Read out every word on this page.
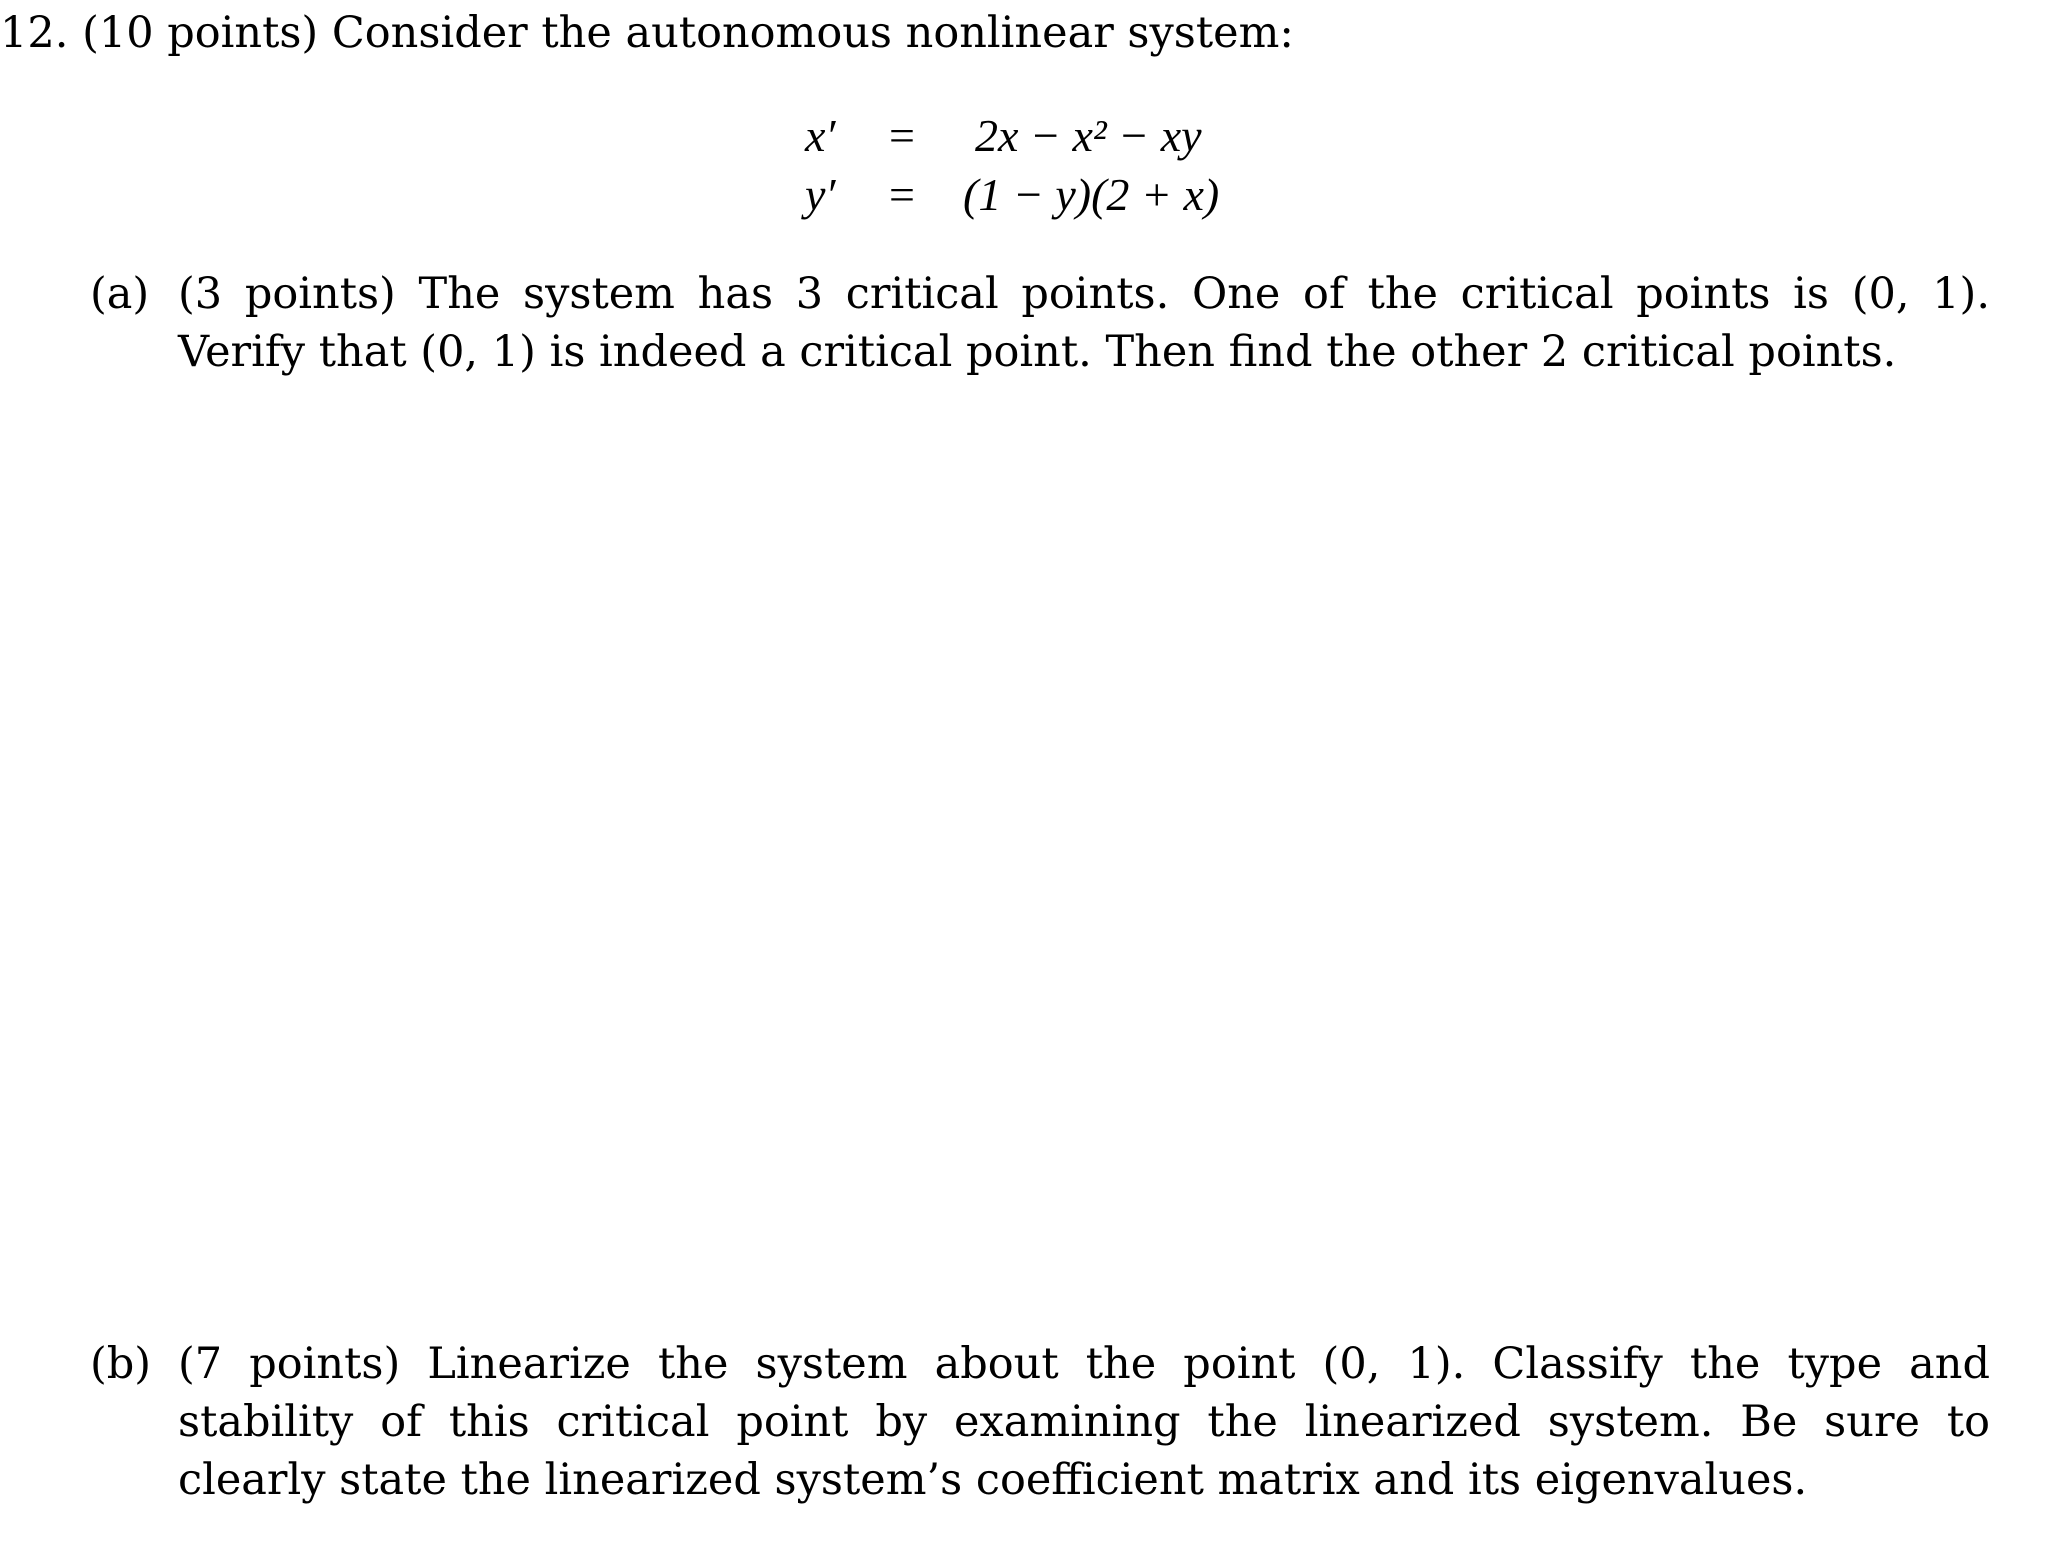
12. (10 points) Consider the autonomous nonlinear system:
x′	= 2x − x² − xy
y′	= (1 − y)(2 + x)
(a) (3 points) The system has 3 critical points. One of the critical points is (0, 1). Verify that (0, 1) is indeed a critical point. Then find the other 2 critical points.
(b) (7 points) Linearize the system about the point (0, 1). Classify the type and stability of this critical point by examining the linearized system. Be sure to clearly state the linearized system’s coefficient matrix and its eigenvalues.
